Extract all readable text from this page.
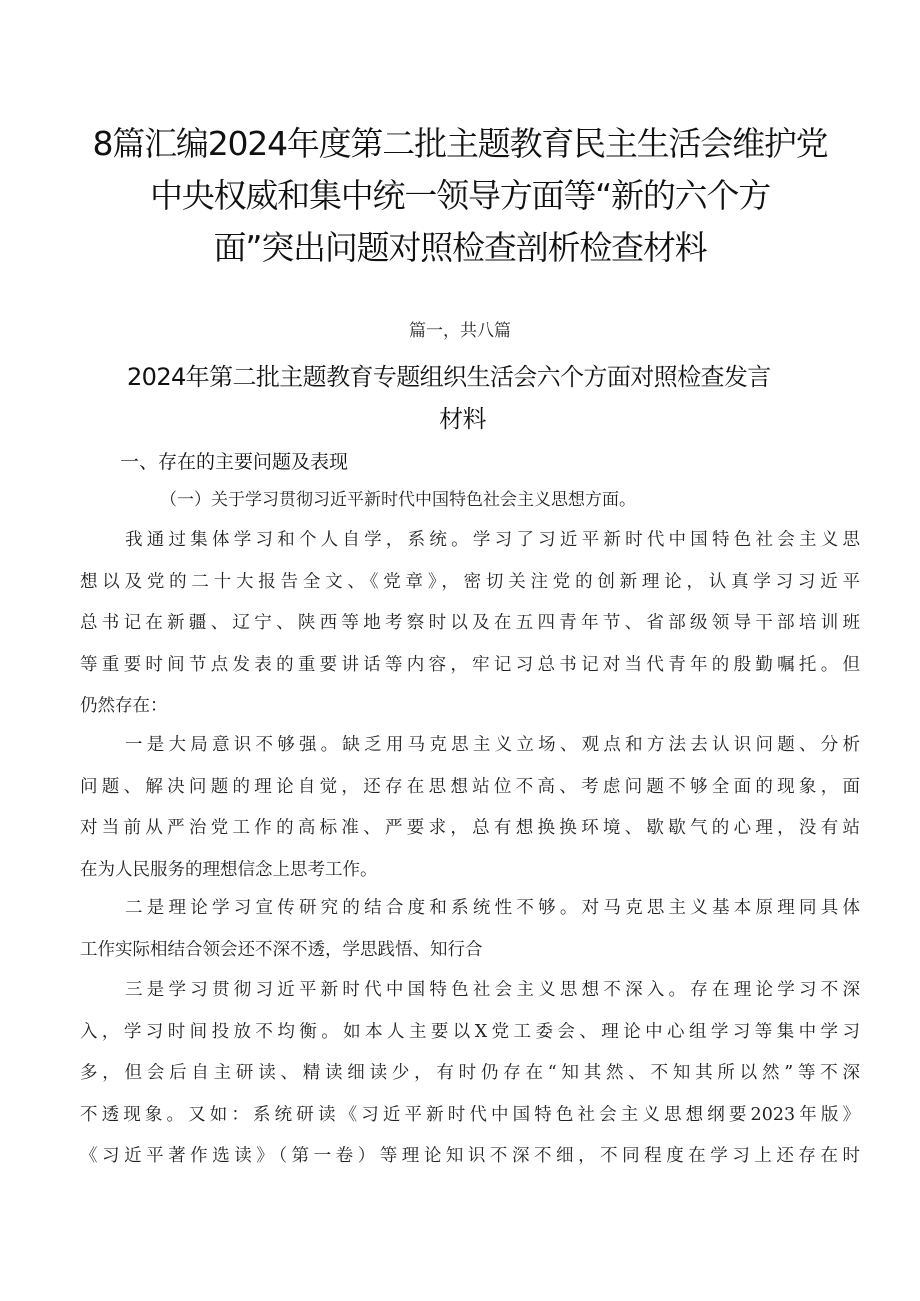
8篇汇编2024年度第二批主题教育民主生活会维护党
中央权威和集中统一领导方面等“新的六个方
面”突出问题对照检查剖析检查材料
篇一，共八篇
2024年第二批主题教育专题组织生活会六个方面对照检查发言
材料
一、存在的主要问题及表现
（一）关于学习贯彻习近平新时代中国特色社会主义思想方面。
我通过集体学习和个人自学，系统。学习了习近平新时代中国特色社会主义思
想以及党的二十大报告全文、《党章》，密切关注党的创新理论，认真学习习近平
总书记在新疆、辽宁、陕西等地考察时以及在五四青年节、省部级领导干部培训班
等重要时间节点发表的重要讲话等内容，牢记习总书记对当代青年的殷勤嘱托。但
仍然存在：
一是大局意识不够强。缺乏用马克思主义立场、观点和方法去认识问题、分析
问题、解决问题的理论自觉，还存在思想站位不高、考虑问题不够全面的现象，面
对当前从严治党工作的高标准、严要求，总有想换换环境、歇歇气的心理，没有站
在为人民服务的理想信念上思考工作。
二是理论学习宣传研究的结合度和系统性不够。对马克思主义基本原理同具体
工作实际相结合领会还不深不透，学思践悟、知行合
三是学习贯彻习近平新时代中国特色社会主义思想不深入。存在理论学习不深
入，学习时间投放不均衡。如本人主要以X党工委会、理论中心组学习等集中学习
多，但会后自主研读、精读细读少，有时仍存在“知其然、不知其所以然”等不深
不透现象。又如：系统研读《习近平新时代中国特色社会主义思想纲要2023年版》
《习近平著作选读》（第一卷）等理论知识不深不细，不同程度在学习上还存在时
